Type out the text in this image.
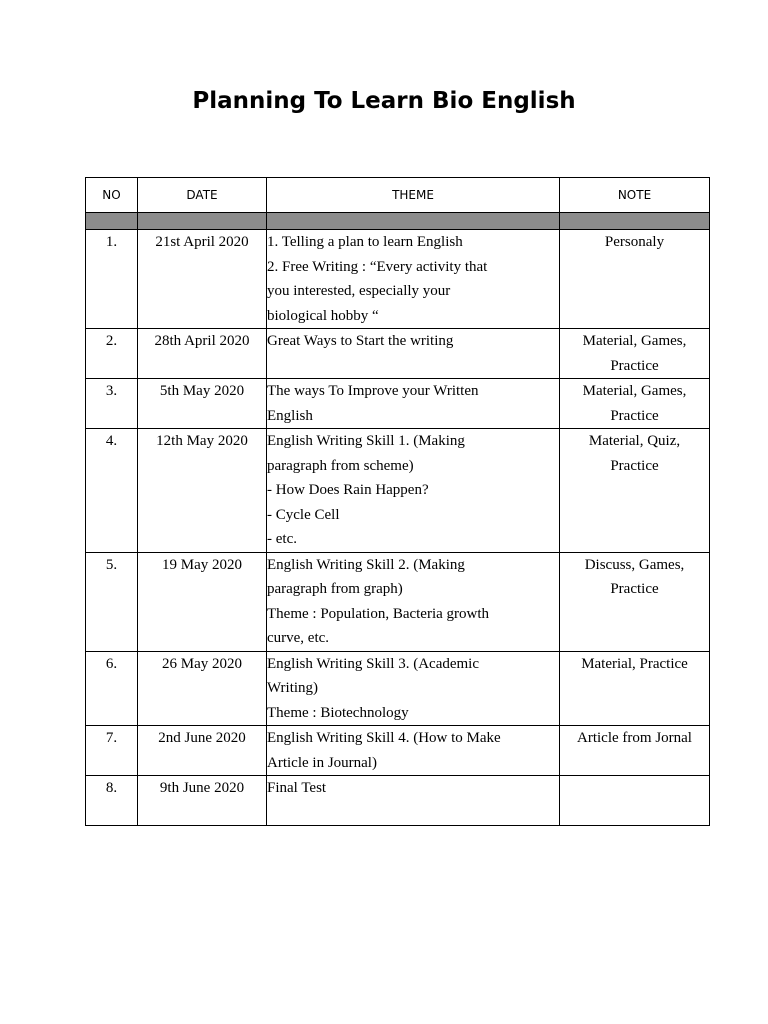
Planning To Learn Bio English
NO	DATE	THEME	NOTE

1.	21st April 2020	1. Telling a plan to learn English
2. Free Writing : “Every activity that
you interested, especially your
biological hobby “	Personaly

2.	28th April 2020	Great Ways to Start the writing	Material, Games,
Practice

3.	5th May 2020	The ways To Improve your Written
English	Material, Games,
Practice

4.	12th May 2020	English Writing Skill 1. (Making
paragraph from scheme)
- How Does Rain Happen?
- Cycle Cell
- etc.	Material, Quiz,
Practice

5.	19 May 2020	English Writing Skill 2. (Making
paragraph from graph)
Theme : Population, Bacteria growth
curve, etc.	Discuss, Games,
Practice

6.	26 May 2020	English Writing Skill 3. (Academic
Writing)
Theme : Biotechnology	Material, Practice

7.	2nd June 2020	English Writing Skill 4. (How to Make
Article in Journal)	Article from Jornal

8.	9th June 2020	Final Test	
